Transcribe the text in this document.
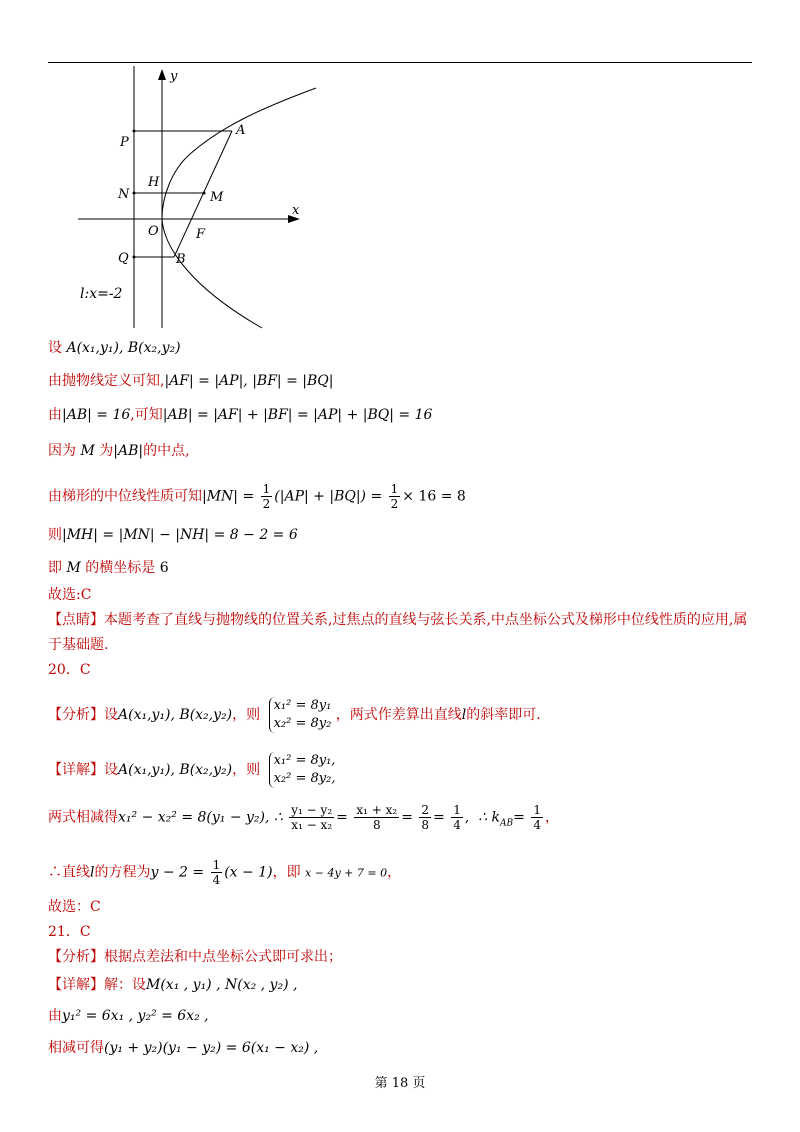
y
x
P
A
H
N	M
O	F
Q	B
l:x=-2
设 A(x₁,y₁), B(x₂,y₂)
由抛物线定义可知,|AF| = |AP|, |BF| = |BQ|
由|AB| = 16,可知|AB| = |AF| + |BF| = |AP| + |BQ| = 16
因为 M 为|AB|的中点,
由梯形的中位线性质可知$|MN| = \frac{1}{2} (|AP| + |BQ|) = \frac{1}{2} \times 16 = 8$
则|MH| = |MN| − |NH| = 8 − 2 = 6
即 M 的横坐标是 6
故选:C
【点睛】本题考查了直线与抛物线的位置关系,过焦点的直线与弦长关系,中点坐标公式及梯形中位线性质的应用,属
于基础题.
20．C
【分析】设A(x₁,y₁), B(x₂,y₂)，则
x₁² = 8y₁
x₂² = 8y₂
，两式作差算出直线l的斜率即可.
【详解】设A(x₁,y₁), B(x₂,y₂)，则
x₁² = 8y₁,
x₂² = 8y₂,
两式相减得x₁² − x₂² = 8(y₁ − y₂), ∴ $\frac{\text{y₁ − y₂}}{\text{x₁ − x₂}} = \frac{\text{x₁ + x₂}}{8} = \frac{2}{8} = \frac{1}{4}$ ,  ∴ $k_{AB}= \frac{1}{4}$ ，
∴直线l的方程为$y - 2 = \frac{1}{4} (x - 1)$，即 x − 4y + 7 = 0，
故选：C
21．C
【分析】根据点差法和中点坐标公式即可求出；
【详解】解：设M(x₁ , y₁) , N(x₂ , y₂) ,
由y₁² = 6x₁ , y₂² = 6x₂ ,
相减可得(y₁ + y₂)(y₁ − y₂) = 6(x₁ − x₂) ,
第 18 页
